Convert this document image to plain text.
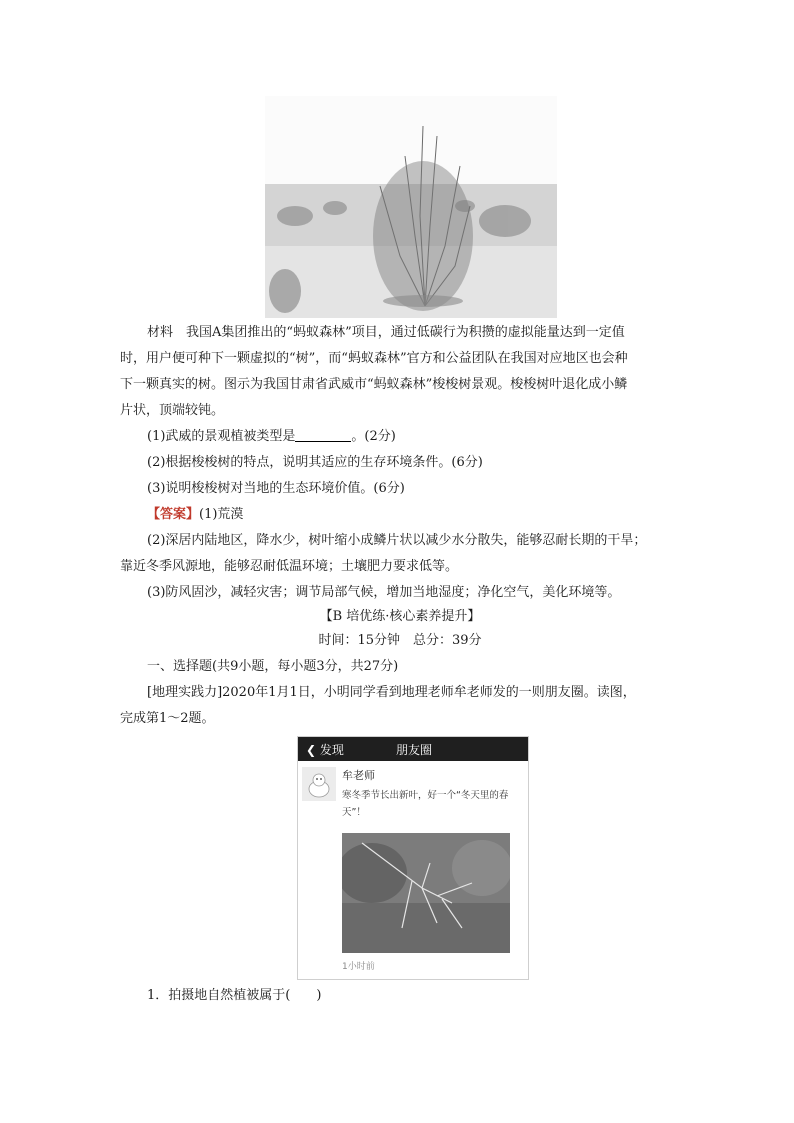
材料　 我国A集团推出的“蚂蚁森林”项目，通过低碳行为积攒的虚拟能量达到一定值
时，用户便可种下一颗虚拟的“树”，而“蚂蚁森林”官方和公益团队在我国对应地区也会种
下一颗真实的树。图示为我国甘肃省武威市“蚂蚁森林”梭梭树景观。梭梭树叶退化成小鳞
片状，顶端较钝。
(1)武威的景观植被类型是	。(2分)
(2)根据梭梭树的特点，说明其适应的生存环境条件。(6分)
(3)说明梭梭树对当地的生态环境价值。(6分)
【答案】(1)荒漠
(2)深居内陆地区，降水少，树叶缩小成鳞片状以减少水分散失，能够忍耐长期的干旱；
靠近冬季风源地，能够忍耐低温环境；土壤肥力要求低等。
(3)防风固沙，减轻灾害；调节局部气候，增加当地湿度；净化空气，美化环境等。
【B 培优练·核心素养提升】
时间：15分钟　总分：39分
一、选择题(共9小题，每小题3分，共27分)
[地理实践力]2020年1月1日，小明同学看到地理老师牟老师发的一则朋友圈。读图，
完成第1～2题。
❮ 发现	朋友圈
牟老师
寒冬季节长出新叶，好一个“冬天里的春天”！
1小时前
1．拍摄地自然植被属于(　　)
